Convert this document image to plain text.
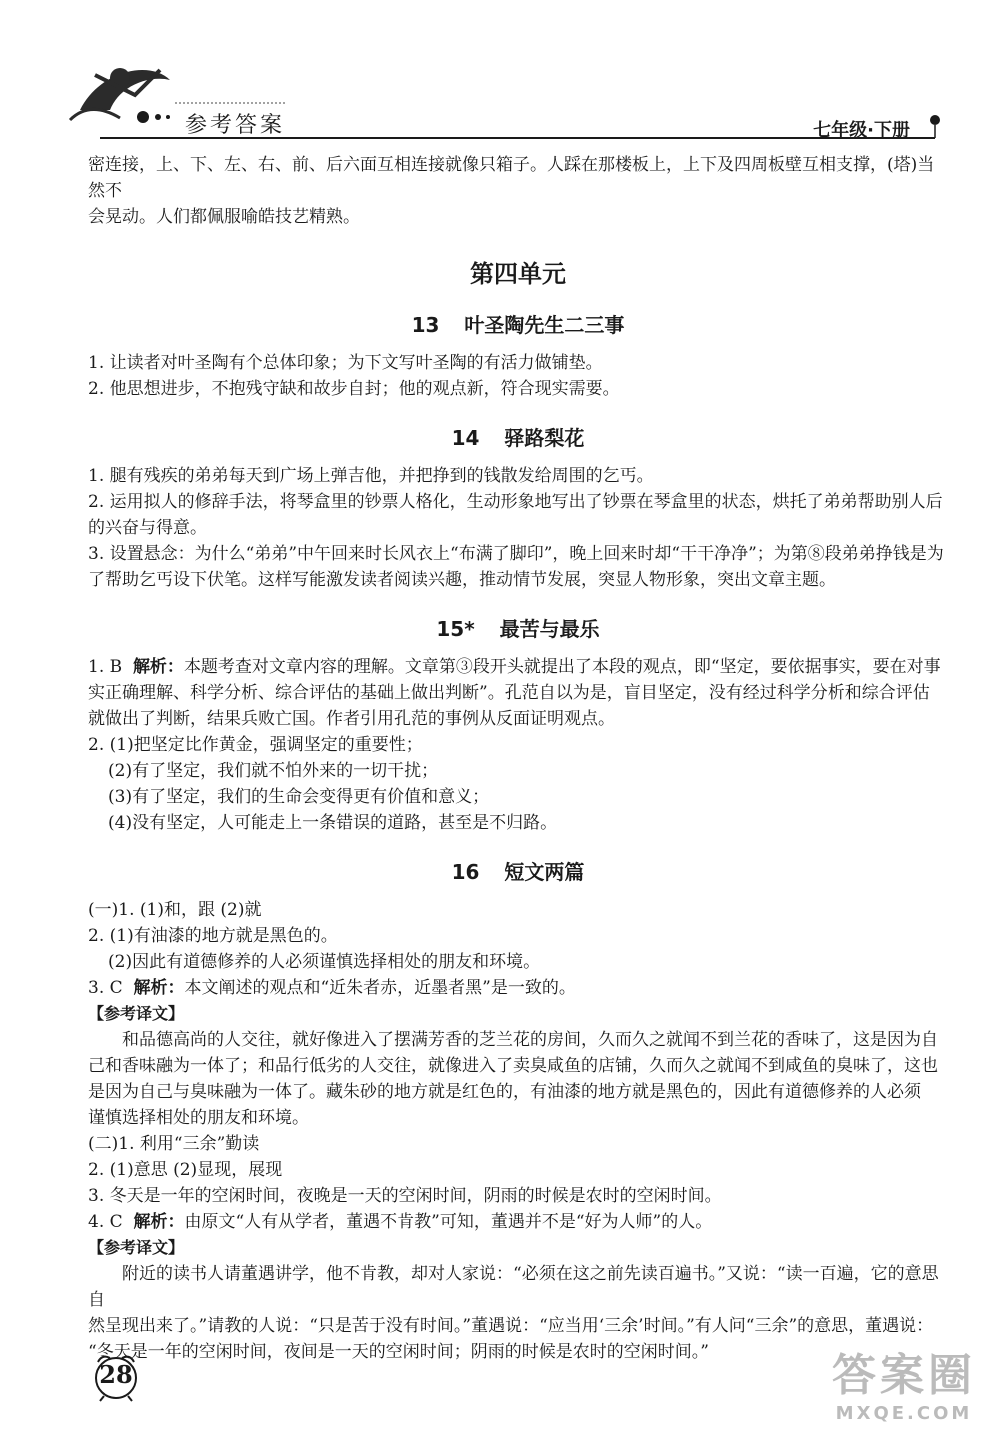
参考答案	七年级·下册

密连接，上、下、左、右、前、后六面互相连接就像只箱子。人踩在那楼板上，上下及四周板壁互相支撑，(塔)当然不

会晃动。人们都佩服喻皓技艺精熟。

第四单元
13 叶圣陶先生二三事

1. 让读者对叶圣陶有个总体印象；为下文写叶圣陶的有活力做铺垫。

2. 他思想进步，不抱残守缺和故步自封；他的观点新，符合现实需要。

14 驿路梨花

1. 腿有残疾的弟弟每天到广场上弹吉他，并把挣到的钱散发给周围的乞丐。

2. 运用拟人的修辞手法，将琴盒里的钞票人格化，生动形象地写出了钞票在琴盒里的状态，烘托了弟弟帮助别人后

的兴奋与得意。

3. 设置悬念：为什么“弟弟”中午回来时长风衣上“布满了脚印”，晚上回来时却“干干净净”；为第⑧段弟弟挣钱是为

了帮助乞丐设下伏笔。这样写能激发读者阅读兴趣，推动情节发展，突显人物形象，突出文章主题。

15* 最苦与最乐

1. B 解析：本题考查对文章内容的理解。文章第③段开头就提出了本段的观点，即“坚定，要依据事实，要在对事

实正确理解、科学分析、综合评估的基础上做出判断”。孔范自以为是，盲目坚定，没有经过科学分析和综合评估

就做出了判断，结果兵败亡国。作者引用孔范的事例从反面证明观点。

2. (1)把坚定比作黄金，强调坚定的重要性；

(2)有了坚定，我们就不怕外来的一切干扰；

(3)有了坚定，我们的生命会变得更有价值和意义；

(4)没有坚定，人可能走上一条错误的道路，甚至是不归路。

16 短文两篇

(一)1. (1)和，跟 (2)就

2. (1)有油漆的地方就是黑色的。

(2)因此有道德修养的人必须谨慎选择相处的朋友和环境。

3. C 解析：本文阐述的观点和“近朱者赤，近墨者黑”是一致的。

【参考译文】

和品德高尚的人交往，就好像进入了摆满芳香的芝兰花的房间，久而久之就闻不到兰花的香味了，这是因为自

己和香味融为一体了；和品行低劣的人交往，就像进入了卖臭咸鱼的店铺，久而久之就闻不到咸鱼的臭味了，这也

是因为自己与臭味融为一体了。藏朱砂的地方就是红色的，有油漆的地方就是黑色的，因此有道德修养的人必须

谨慎选择相处的朋友和环境。

(二)1. 利用“三余”勤读

2. (1)意思 (2)显现，展现

3. 冬天是一年的空闲时间，夜晚是一天的空闲时间，阴雨的时候是农时的空闲时间。

4. C 解析：由原文“人有从学者，董遇不肯教”可知，董遇并不是“好为人师”的人。

【参考译文】

附近的读书人请董遇讲学，他不肯教，却对人家说：“必须在这之前先读百遍书。”又说：“读一百遍，它的意思自

然呈现出来了。”请教的人说：“只是苦于没有时间。”董遇说：“应当用‘三余’时间。”有人问“三余”的意思，董遇说：

“冬天是一年的空闲时间，夜间是一天的空闲时间；阴雨的时候是农时的空闲时间。”

28	答案圈
MXQE.COM
